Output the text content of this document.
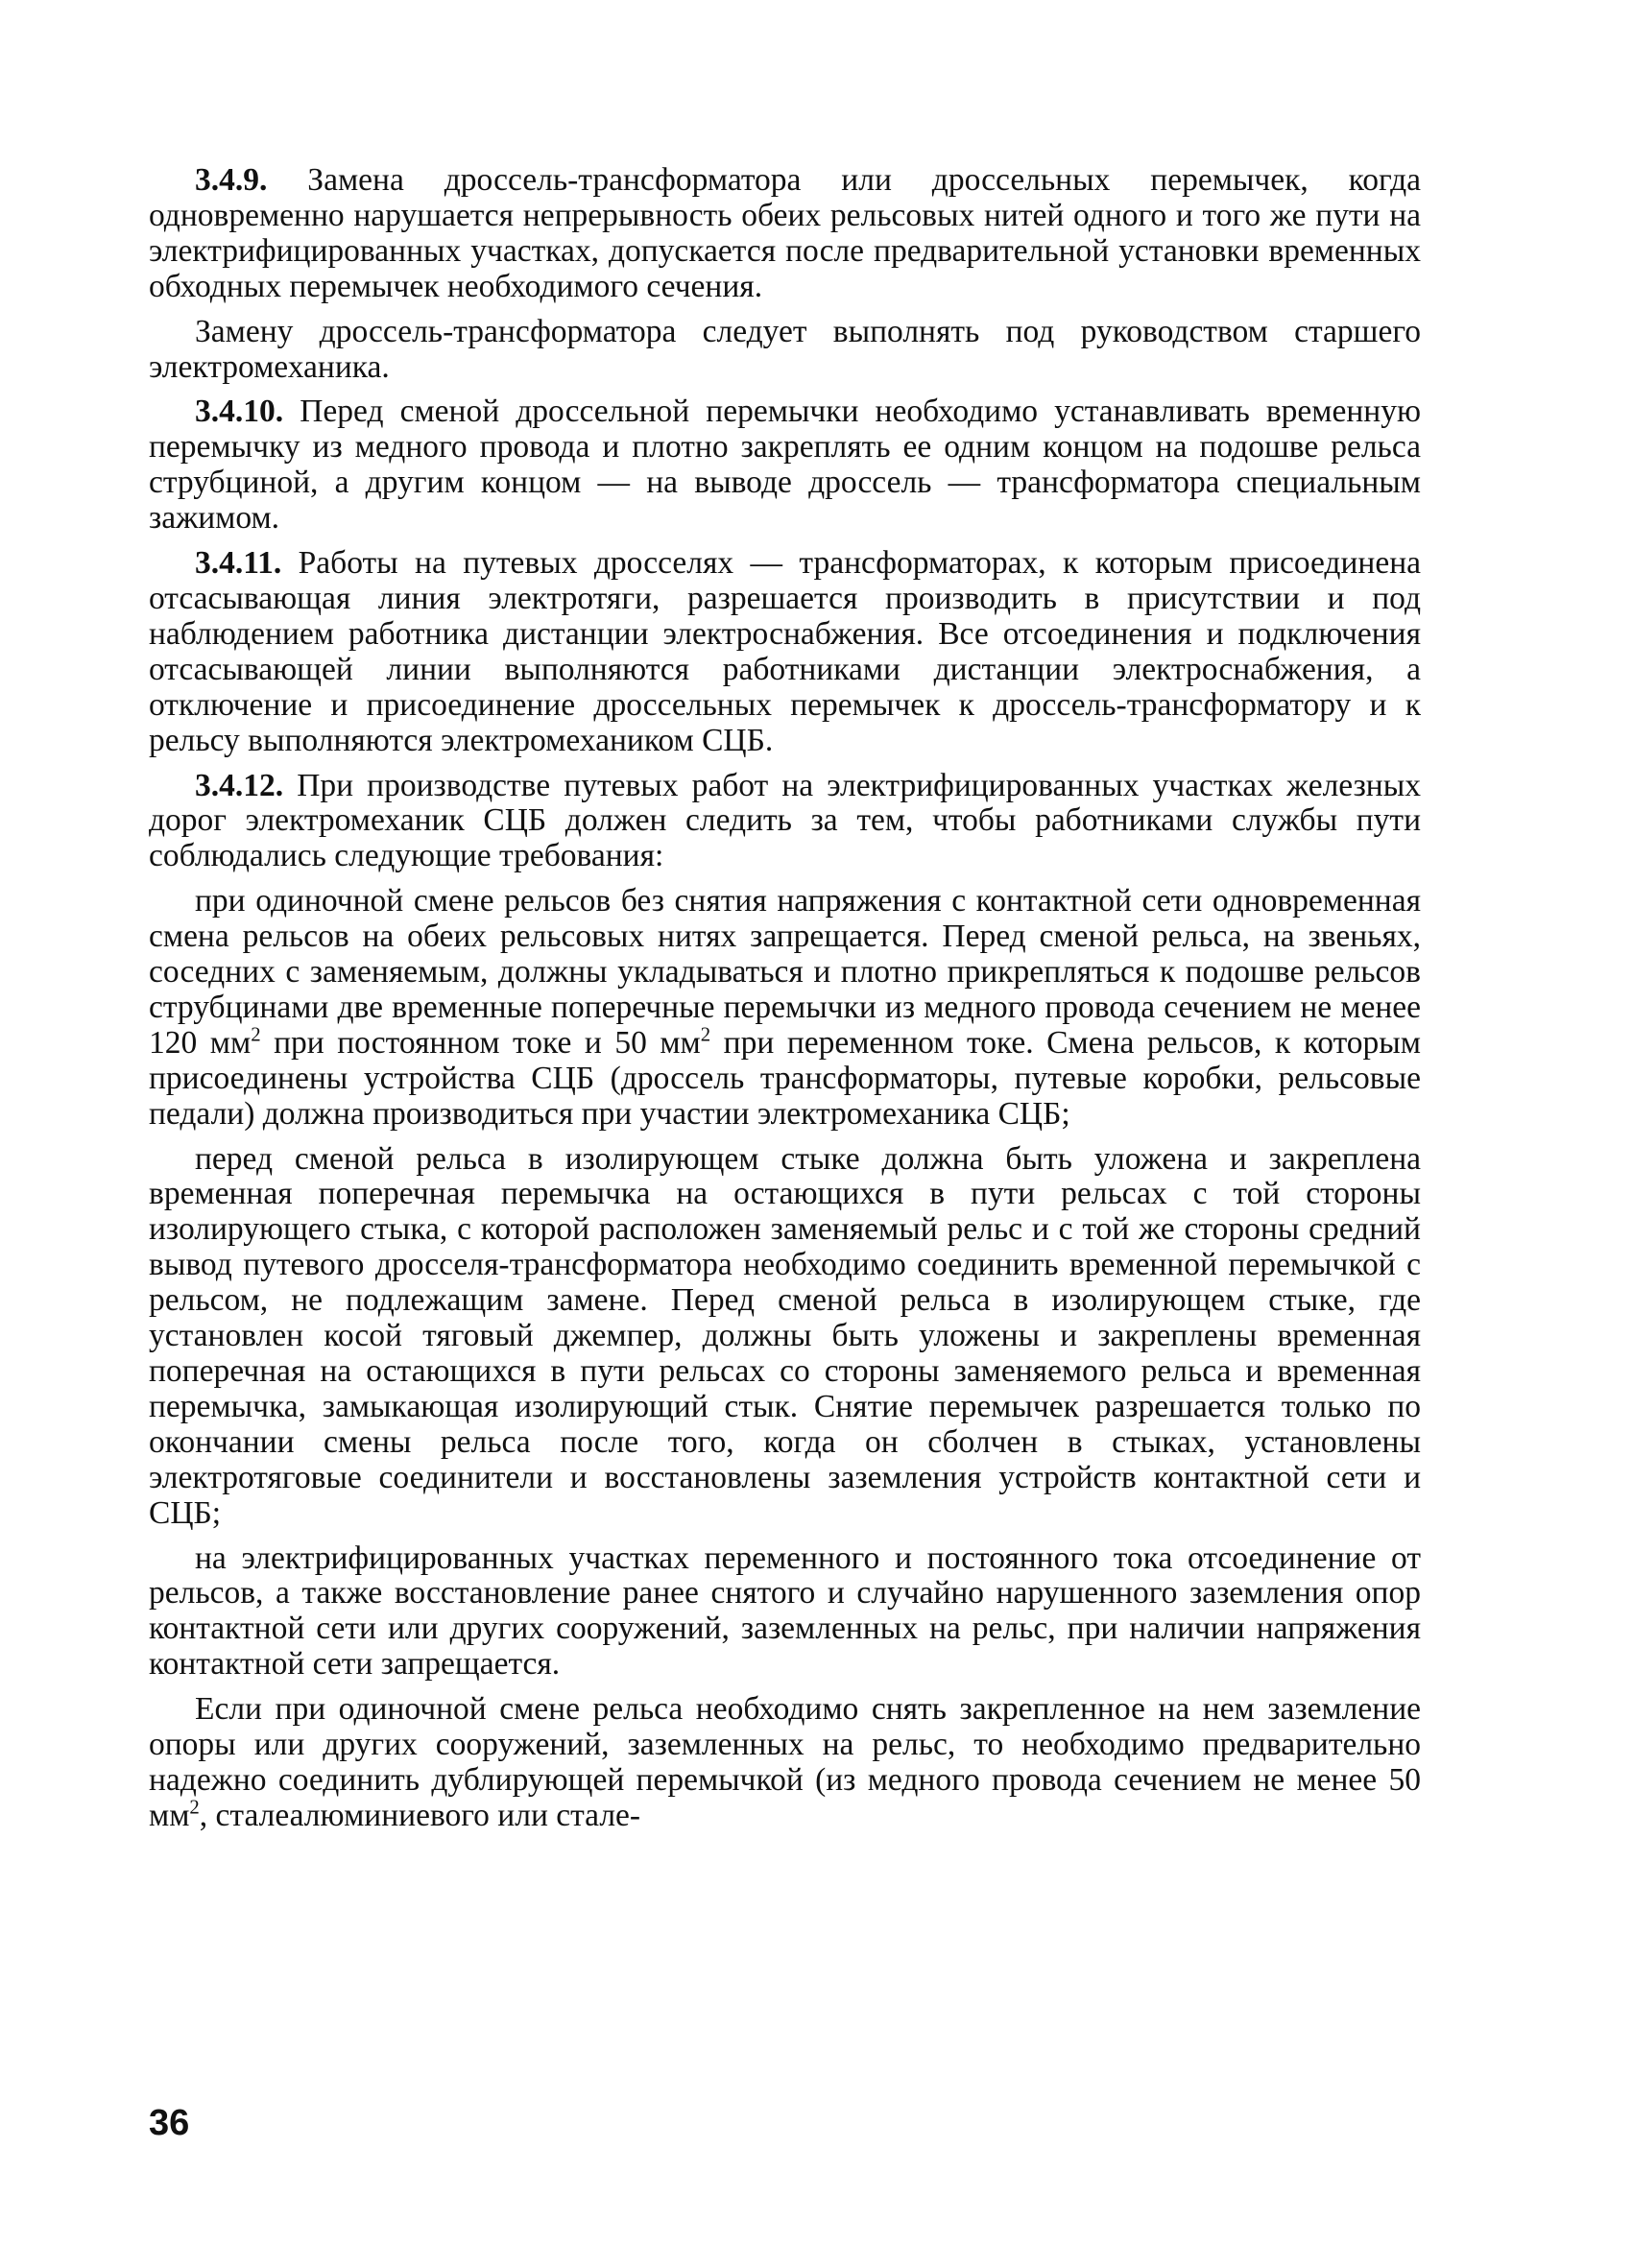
3.4.9. Замена дроссель-трансформатора или дроссельных перемычек, когда одновременно нарушается непрерывность обеих рельсовых нитей одного и того же пути на электрифицированных участках, допускается после предварительной установки временных обходных перемычек необходимого сечения.

Замену дроссель-трансформатора следует выполнять под руководством старшего электромеханика.

3.4.10. Перед сменой дроссельной перемычки необходимо устанавливать временную перемычку из медного провода и плотно закреплять ее одним концом на подошве рельса струбциной, а другим концом — на выводе дроссель — трансформатора специальным зажимом.

3.4.11. Работы на путевых дросселях — трансформаторах, к которым присоединена отсасывающая линия электротяги, разрешается производить в присутствии и под наблюдением работника дистанции электроснабжения. Все отсоединения и подключения отсасывающей линии выполняются работниками дистанции электроснабжения, а отключение и присоединение дроссельных перемычек к дроссель-трансформатору и к рельсу выполняются электромехаником СЦБ.

3.4.12. При производстве путевых работ на электрифицированных участках железных дорог электромеханик СЦБ должен следить за тем, чтобы работниками службы пути соблюдались следующие требования:

при одиночной смене рельсов без снятия напряжения с контактной сети одновременная смена рельсов на обеих рельсовых нитях запрещается. Перед сменой рельса, на звеньях, соседних с заменяемым, должны укладываться и плотно прикрепляться к подошве рельсов струбцинами две временные поперечные перемычки из медного провода сечением не менее 120 $мм^2$ при постоянном токе и 50 $мм^2$ при переменном токе. Смена рельсов, к которым присоединены устройства СЦБ (дроссель трансформаторы, путевые коробки, рельсовые педали) должна производиться при участии электромеханика СЦБ;

перед сменой рельса в изолирующем стыке должна быть уложена и закреплена временная поперечная перемычка на остающихся в пути рельсах с той стороны изолирующего стыка, с которой расположен заменяемый рельс и с той же стороны средний вывод путевого дросселя-трансформатора необходимо соединить временной перемычкой с рельсом, не подлежащим замене. Перед сменой рельса в изолирующем стыке, где установлен косой тяговый джемпер, должны быть уложены и закреплены временная поперечная на остающихся в пути рельсах со стороны заменяемого рельса и временная перемычка, замыкающая изолирующий стык. Снятие перемычек разрешается только по окончании смены рельса после того, когда он сболчен в стыках, установлены электротяговые соединители и восстановлены заземления устройств контактной сети и СЦБ;

на электрифицированных участках переменного и постоянного тока отсоединение от рельсов, а также восстановление ранее снятого и случайно нарушенного заземления опор контактной сети или других сооружений, заземленных на рельс, при наличии напряжения контактной сети запрещается.

Если при одиночной смене рельса необходимо снять закрепленное на нем заземление опоры или других сооружений, заземленных на рельс, то необходимо предварительно надежно соединить дублирующей перемычкой (из медного провода сечением не менее 50 $мм^2$, сталеалюминиевого или стале-

36
